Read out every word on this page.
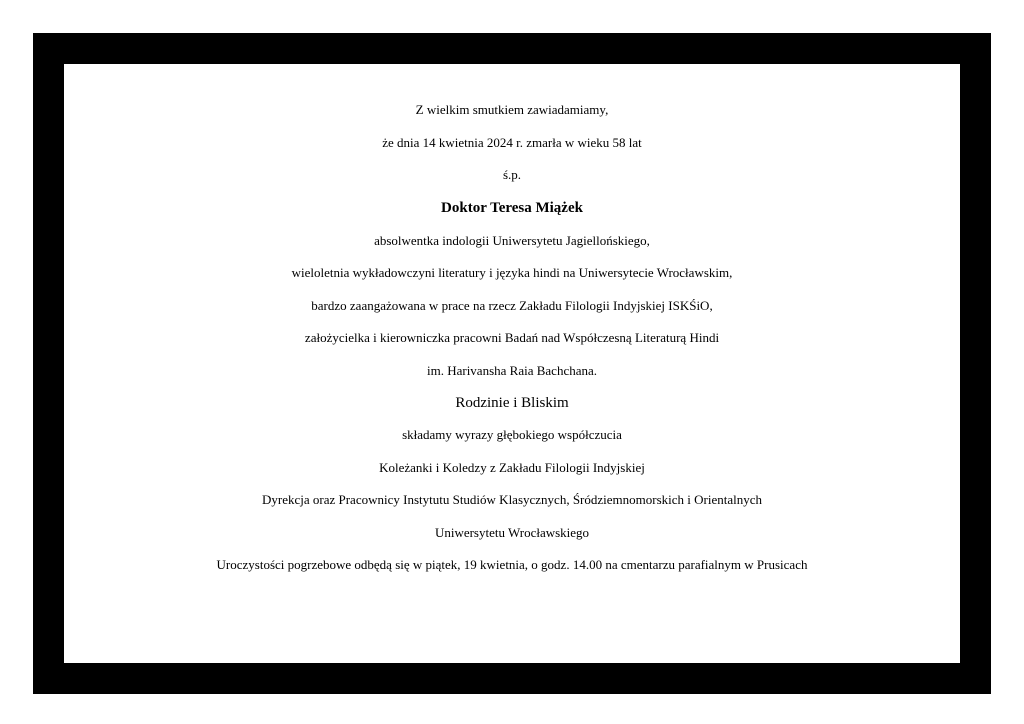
Z wielkim smutkiem zawiadamiamy,
że dnia 14 kwietnia 2024 r. zmarła w wieku 58 lat
ś.p.
Doktor Teresa Miążek
absolwentka indologii Uniwersytetu Jagiellońskiego,
wieloletnia wykładowczyni literatury i języka hindi na Uniwersytecie Wrocławskim,
bardzo zaangażowana w prace na rzecz Zakładu Filologii Indyjskiej ISKŚiO,
założycielka i kierowniczka pracowni Badań nad Współczesną Literaturą Hindi
im. Harivansha Raia Bachchana.
Rodzinie i Bliskim
składamy wyrazy głębokiego współczucia
Koleżanki i Koledzy z Zakładu Filologii Indyjskiej
Dyrekcja oraz Pracownicy Instytutu Studiów Klasycznych, Śródziemnomorskich i Orientalnych
Uniwersytetu Wrocławskiego
Uroczystości pogrzebowe odbędą się w piątek, 19 kwietnia, o godz. 14.00 na cmentarzu parafialnym w Prusicach
